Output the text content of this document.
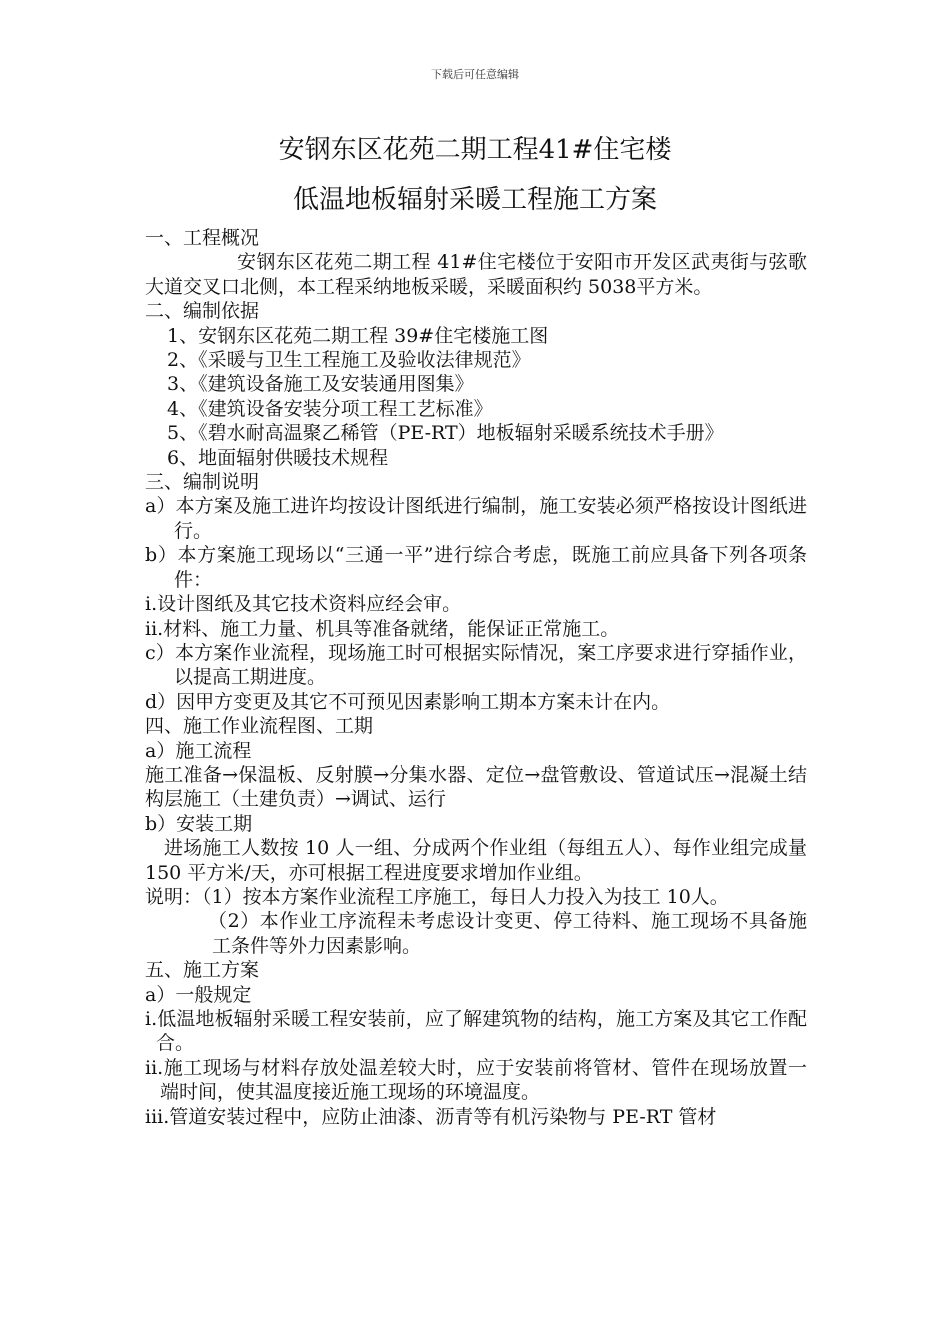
下载后可任意编辑
安钢东区花苑二期工程41#住宅楼
低温地板辐射采暖工程施工方案

一、工程概况

安钢东区花苑二期工程 41#住宅楼位于安阳市开发区武夷街与弦歌大道交叉口北侧，本工程采纳地板采暖，采暖面积约 5038平方米。

二、编制依据

1、安钢东区花苑二期工程 39#住宅楼施工图

2、《采暖与卫生工程施工及验收法律规范》

3、《建筑设备施工及安装通用图集》

4、《建筑设备安装分项工程工艺标准》

5、《碧水耐高温聚乙稀管（PE-RT）地板辐射采暖系统技术手册》

6、地面辐射供暖技术规程

三、编制说明

a）本方案及施工进许均按设计图纸进行编制，施工安装必须严格按设计图纸进行。

b）本方案施工现场以“三通一平”进行综合考虑，既施工前应具备下列各项条件：

i.设计图纸及其它技术资料应经会审。

ii.材料、施工力量、机具等准备就绪，能保证正常施工。

c）本方案作业流程，现场施工时可根据实际情况，案工序要求进行穿插作业，以提高工期进度。

d）因甲方变更及其它不可预见因素影响工期本方案未计在内。

四、施工作业流程图、工期

a）施工流程

施工准备→保温板、反射膜→分集水器、定位→盘管敷设、管道试压→混凝土结构层施工（土建负责）→调试、运行

b）安装工期

进场施工人数按 10 人一组、分成两个作业组（每组五人）、每作业组完成量 150 平方米/天，亦可根据工程进度要求增加作业组。

说明：（1）按本方案作业流程工序施工，每日人力投入为技工 10人。

（2）本作业工序流程未考虑设计变更、停工待料、施工现场不具备施工条件等外力因素影响。

五、施工方案

a）一般规定

i.低温地板辐射采暖工程安装前，应了解建筑物的结构，施工方案及其它工作配合。

ii.施工现场与材料存放处温差较大时，应于安装前将管材、管件在现场放置一端时间，使其温度接近施工现场的环境温度。

iii.管道安装过程中，应防止油漆、沥青等有机污染物与 PE-RT 管材
